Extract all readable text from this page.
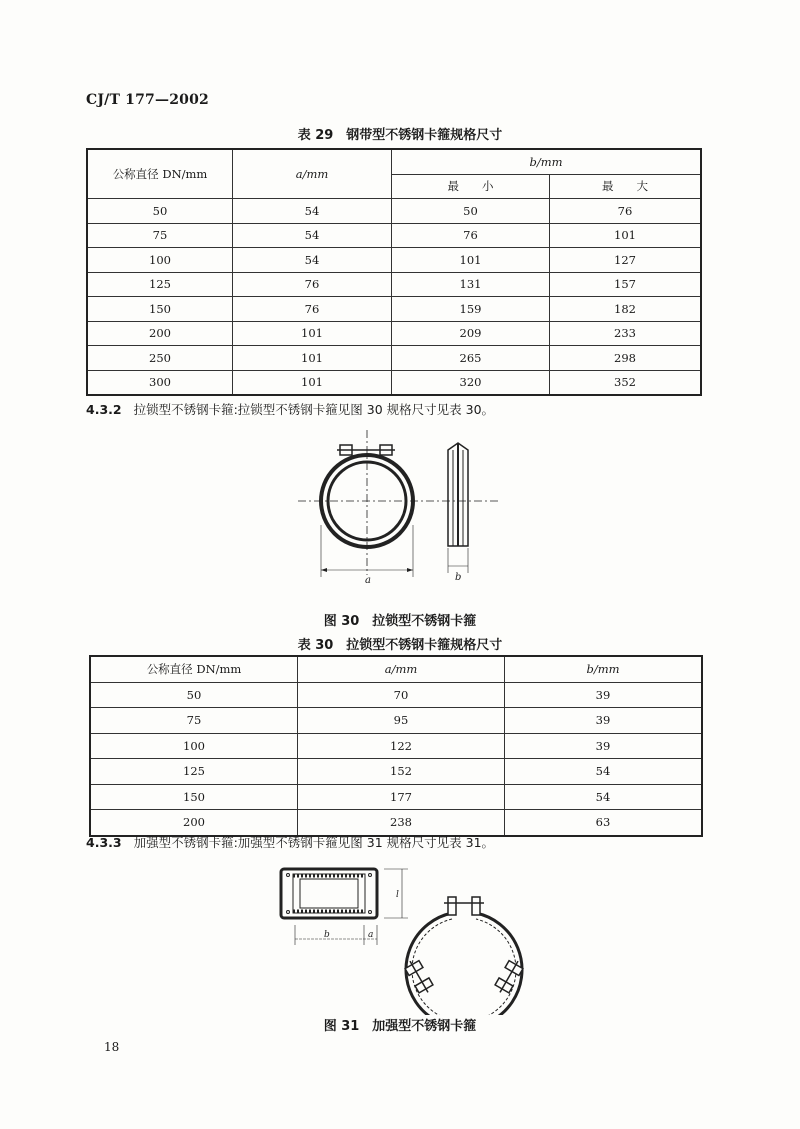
CJ/T 177—2002
表 29　钢带型不锈钢卡箍规格尺寸
公称直径 DN/mm	a/mm	b/mm	
		最　　小	最　　大
50	54	50	76
75	54	76	101
100	54	101	127
125	76	131	157
150	76	159	182
200	101	209	233
250	101	265	298
300	101	320	352
4.3.2 拉锁型不锈钢卡箍:拉锁型不锈钢卡箍见图 30 规格尺寸见表 30。
a	b
图 30　拉锁型不锈钢卡箍
表 30　拉锁型不锈钢卡箍规格尺寸
公称直径 DN/mm	a/mm	b/mm
50	70	39
75	95	39
100	122	39
125	152	54
150	177	54
200	238	63
4.3.3 加强型不锈钢卡箍:加强型不锈钢卡箍见图 31 规格尺寸见表 31。
l
b	a
图 31　加强型不锈钢卡箍
18
